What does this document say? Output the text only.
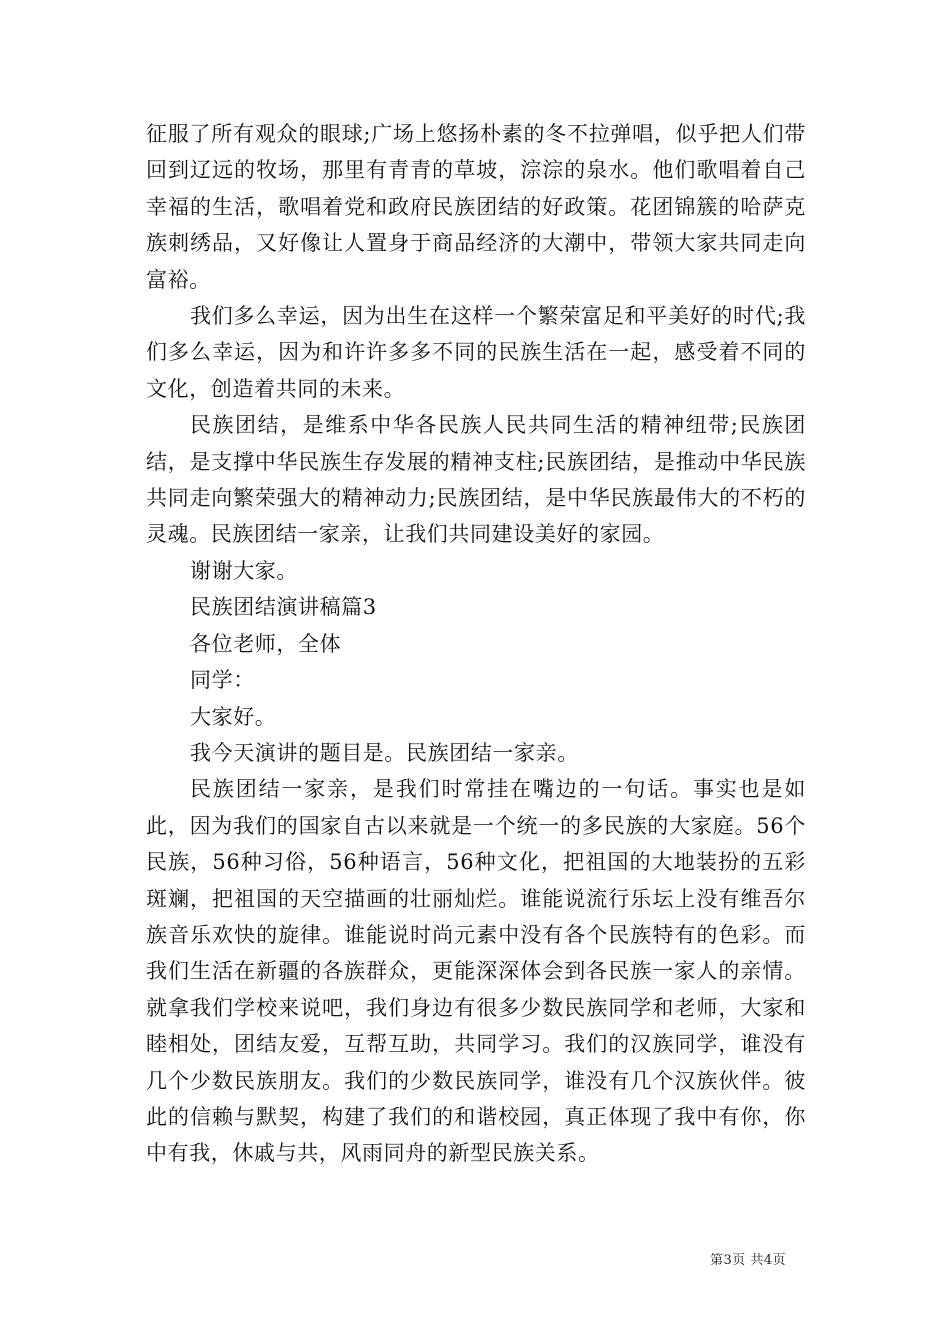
征服了所有观众的眼球;广场上悠扬朴素的冬不拉弹唱，似乎把人们带回到辽远的牧场，那里有青青的草坡，淙淙的泉水。他们歌唱着自己幸福的生活，歌唱着党和政府民族团结的好政策。花团锦簇的哈萨克族刺绣品，又好像让人置身于商品经济的大潮中，带领大家共同走向富裕。

我们多么幸运，因为出生在这样一个繁荣富足和平美好的时代;我们多么幸运，因为和许许多多不同的民族生活在一起，感受着不同的文化，创造着共同的未来。

民族团结，是维系中华各民族人民共同生活的精神纽带;民族团结，是支撑中华民族生存发展的精神支柱;民族团结，是推动中华民族共同走向繁荣强大的精神动力;民族团结，是中华民族最伟大的不朽的灵魂。民族团结一家亲，让我们共同建设美好的家园。

谢谢大家。

民族团结演讲稿篇3

各位老师，全体

同学：

大家好。

我今天演讲的题目是。民族团结一家亲。

民族团结一家亲，是我们时常挂在嘴边的一句话。事实也是如此，因为我们的国家自古以来就是一个统一的多民族的大家庭。56个民族，56种习俗，56种语言，56种文化，把祖国的大地装扮的五彩斑斓，把祖国的天空描画的壮丽灿烂。谁能说流行乐坛上没有维吾尔族音乐欢快的旋律。谁能说时尚元素中没有各个民族特有的色彩。而我们生活在新疆的各族群众，更能深深体会到各民族一家人的亲情。就拿我们学校来说吧，我们身边有很多少数民族同学和老师，大家和睦相处，团结友爱，互帮互助，共同学习。我们的汉族同学，谁没有几个少数民族朋友。我们的少数民族同学，谁没有几个汉族伙伴。彼此的信赖与默契，构建了我们的和谐校园，真正体现了我中有你，你中有我，休戚与共，风雨同舟的新型民族关系。

第3页 共4页
